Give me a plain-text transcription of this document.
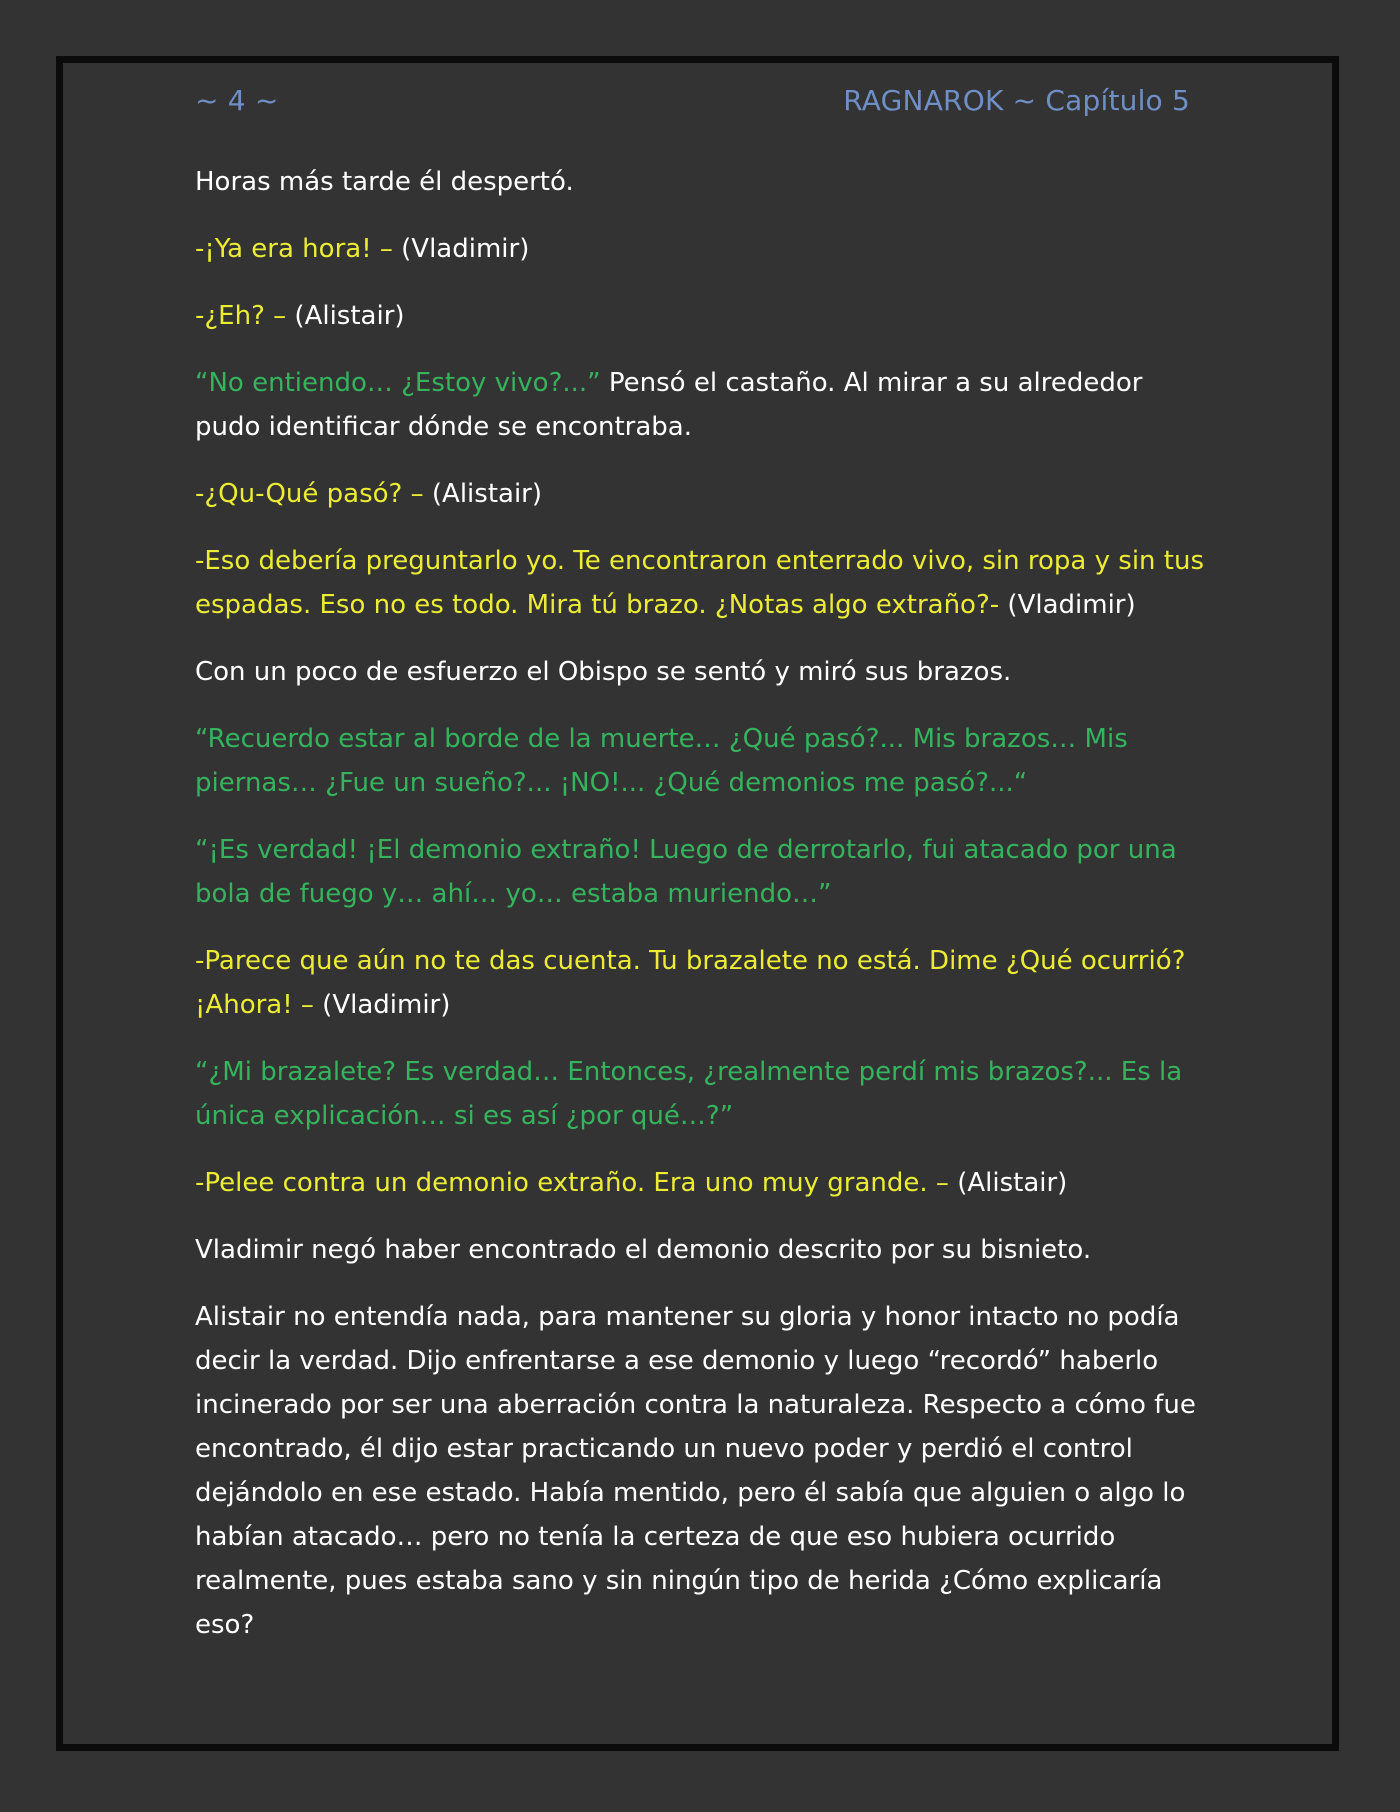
~ 4 ~	RAGNAROK ~ Capítulo 5

Horas más tarde él despertó.

-¡Ya era hora! – (Vladimir)

-¿Eh? – (Alistair)

“No entiendo… ¿Estoy vivo?...” Pensó el castaño. Al mirar a su alrededor pudo identificar dónde se encontraba.

-¿Qu-Qué pasó? – (Alistair)

-Eso debería preguntarlo yo. Te encontraron enterrado vivo, sin ropa y sin tus espadas. Eso no es todo. Mira tú brazo. ¿Notas algo extraño?- (Vladimir)

Con un poco de esfuerzo el Obispo se sentó y miró sus brazos.

“Recuerdo estar al borde de la muerte… ¿Qué pasó?... Mis brazos… Mis piernas… ¿Fue un sueño?... ¡NO!... ¿Qué demonios me pasó?...“

“¡Es verdad! ¡El demonio extraño! Luego de derrotarlo, fui atacado por una bola de fuego y… ahí… yo… estaba muriendo…”

-Parece que aún no te das cuenta. Tu brazalete no está. Dime ¿Qué ocurrió? ¡Ahora! – (Vladimir)

“¿Mi brazalete? Es verdad… Entonces, ¿realmente perdí mis brazos?... Es la única explicación… si es así ¿por qué…?”

-Pelee contra un demonio extraño. Era uno muy grande. – (Alistair)

Vladimir negó haber encontrado el demonio descrito por su bisnieto.

Alistair no entendía nada, para mantener su gloria y honor intacto no podía decir la verdad. Dijo enfrentarse a ese demonio y luego “recordó” haberlo incinerado por ser una aberración contra la naturaleza. Respecto a cómo fue encontrado, él dijo estar practicando un nuevo poder y perdió el control dejándolo en ese estado. Había mentido, pero él sabía que alguien o algo lo habían atacado… pero no tenía la certeza de que eso hubiera ocurrido realmente, pues estaba sano y sin ningún tipo de herida ¿Cómo explicaría eso?
